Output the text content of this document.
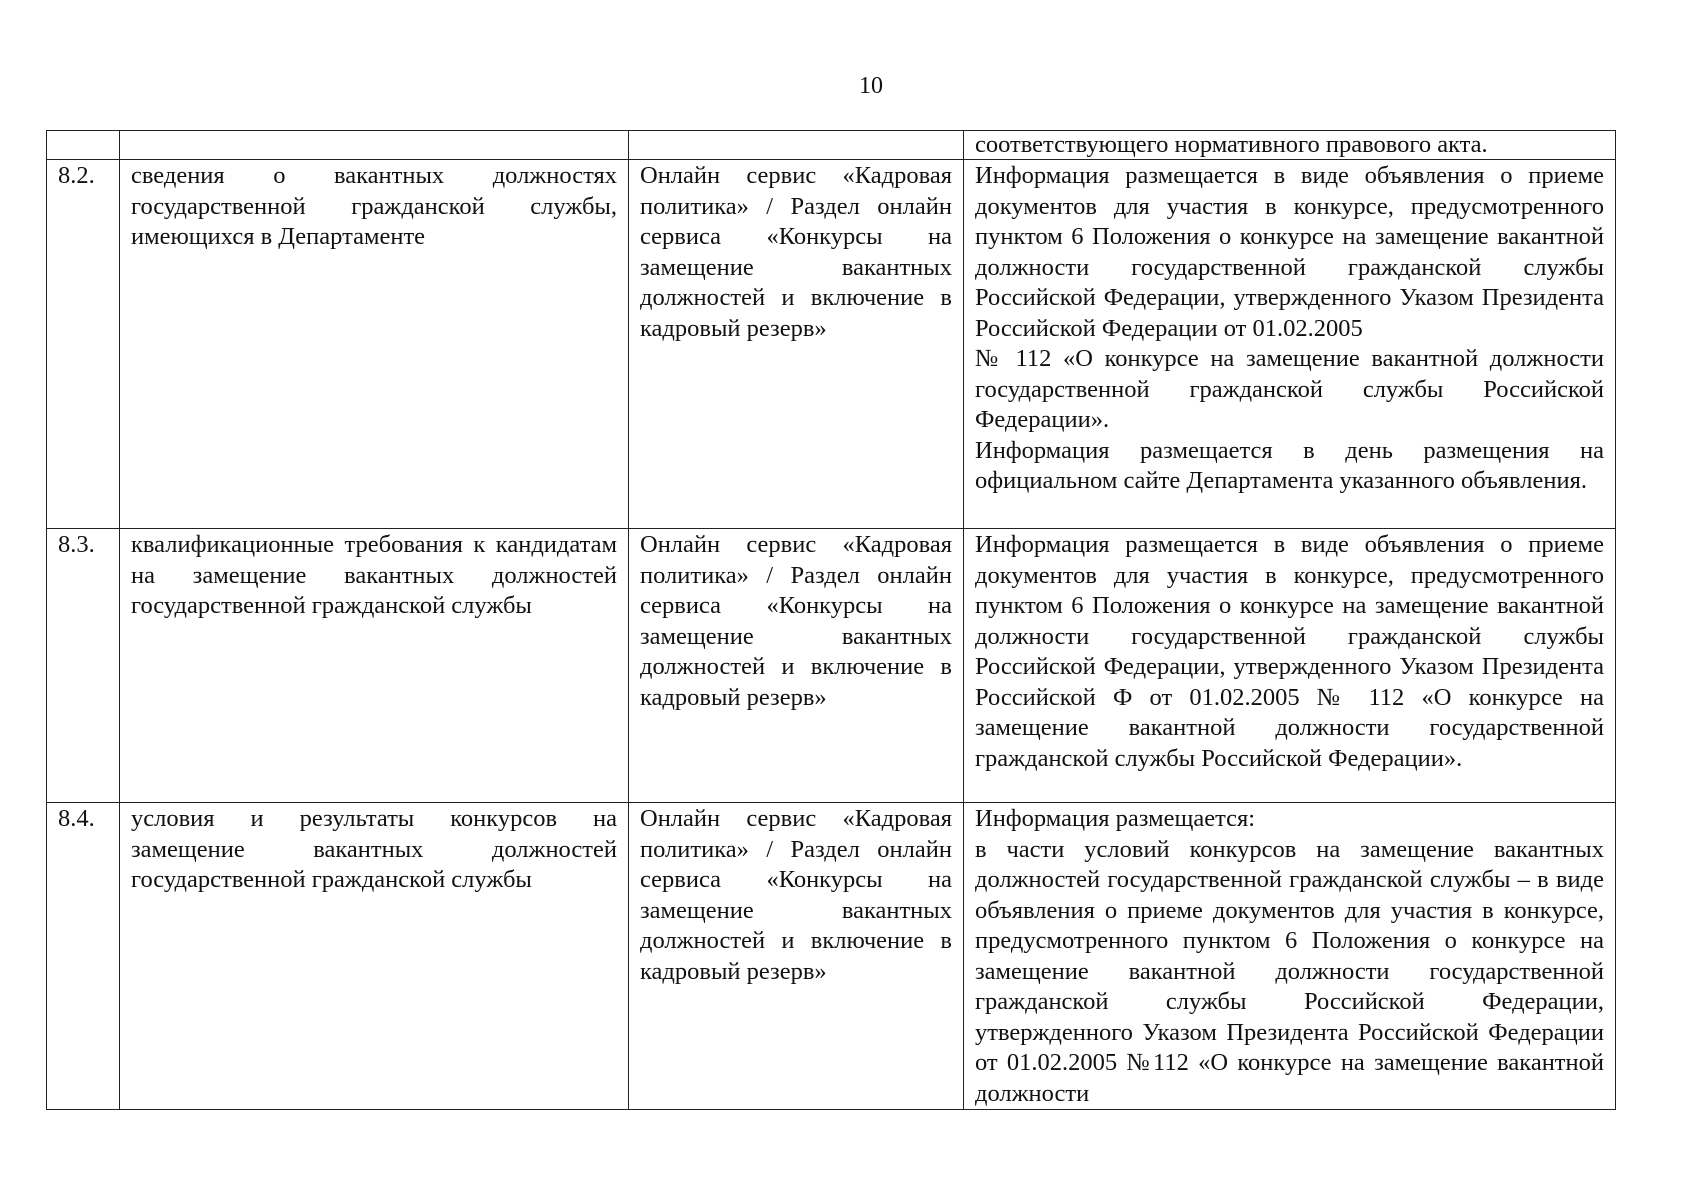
10
			соответствующего нормативного правового акта.
8.2.	сведения о вакантных должностях государственной гражданской службы, имеющихся в Департаменте	Онлайн сервис «Кадровая политика» / Раздел онлайн сервиса «Конкурсы на замещение вакантных должностей и включение в кадровый резерв»	Информация размещается в виде объявления о приеме документов для участия в конкурсе, предусмотренного пунктом 6 Положения о конкурсе на замещение вакантной должности государственной гражданской службы Российской Федерации, утвержденного Указом Президента Российской Федерации от 01.02.2005
№ 112 «О конкурсе на замещение вакантной должности государственной гражданской службы Российской Федерации».
Информация размещается в день размещения на официальном сайте Департамента указанного объявления.

8.3.	квалификационные требования к кандидатам на замещение вакантных должностей государственной гражданской службы	Онлайн сервис «Кадровая политика» / Раздел онлайн сервиса «Конкурсы на замещение вакантных должностей и включение в кадровый резерв»	Информация размещается в виде объявления о приеме документов для участия в конкурсе, предусмотренного пунктом 6 Положения о конкурсе на замещение вакантной должности государственной гражданской службы Российской Федерации, утвержденного Указом Президента Российской Ф от 01.02.2005 № 112 «О конкурсе на замещение вакантной должности государственной гражданской службы Российской Федерации».

8.4.	условия и результаты конкурсов на замещение вакантных должностей государственной гражданской службы	Онлайн сервис «Кадровая политика» / Раздел онлайн сервиса «Конкурсы на замещение вакантных должностей и включение в кадровый резерв»	Информация размещается:
в части условий конкурсов на замещение вакантных должностей государственной гражданской службы – в виде объявления о приеме документов для участия в конкурсе, предусмотренного пунктом 6 Положения о конкурсе на замещение вакантной должности государственной гражданской службы Российской Федерации, утвержденного Указом Президента Российской Федерации от 01.02.2005 №112 «О конкурсе на замещение вакантной должности
